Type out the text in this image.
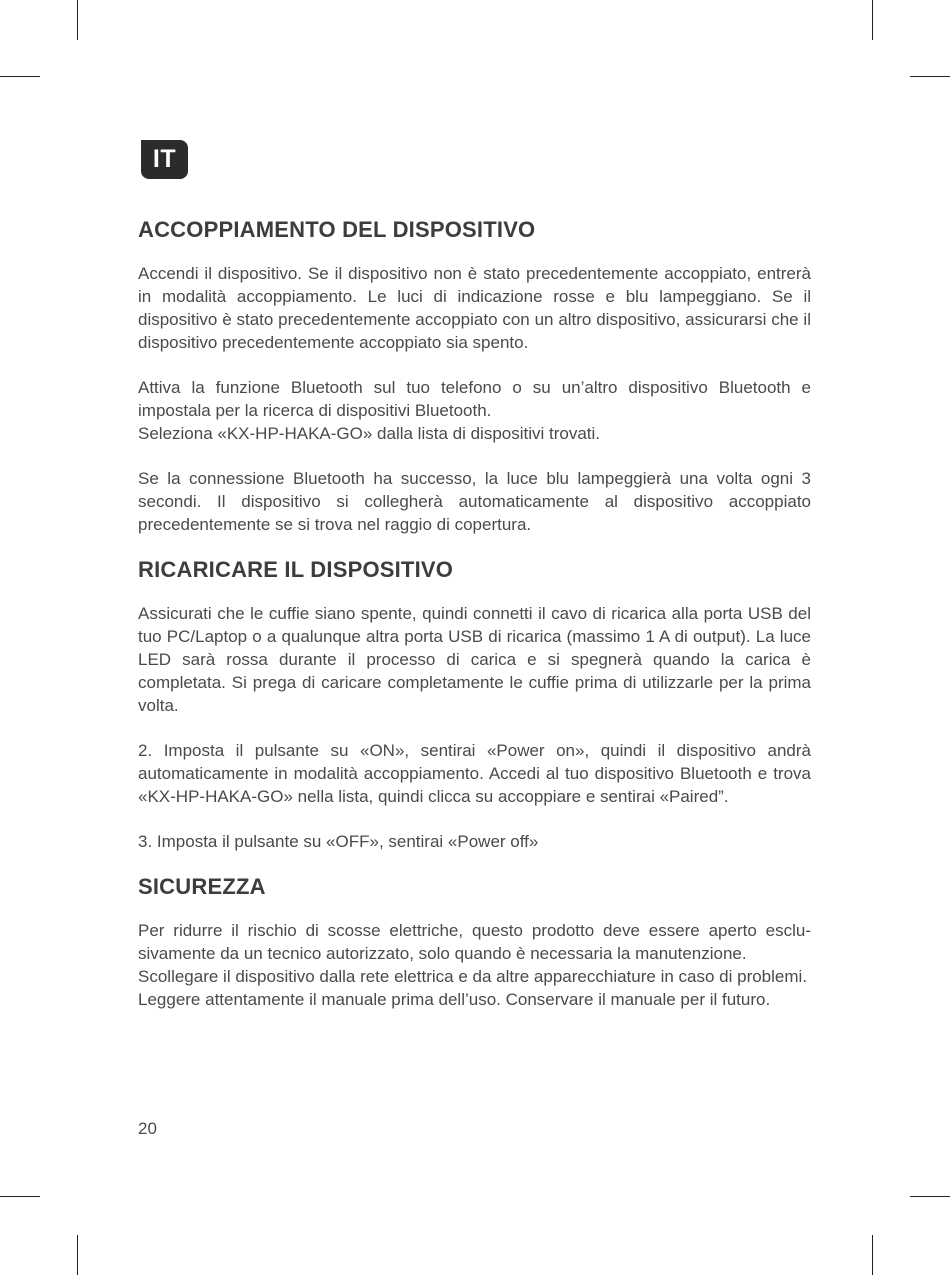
IT
ACCOPPIAMENTO DEL DISPOSITIVO

Accendi il dispositivo. Se il dispositivo non è stato precedentemente accoppiato, entrerà in modalità accoppiamento. Le luci di indicazione rosse e blu lampeggiano. Se il dispositivo è stato precedentemente accoppiato con un altro dispositivo, assicurarsi che il dispositivo precedentemente accoppiato sia spento.

Attiva la funzione Bluetooth sul tuo telefono o su un’altro dispositivo Bluetooth e impostala per la ricerca di dispositivi Bluetooth.

Seleziona «KX-HP-HAKA-GO» dalla lista di dispositivi trovati.

Se la connessione Bluetooth ha successo, la luce blu lampeggierà una volta ogni 3 secondi. Il dispositivo si collegherà automaticamente al dispositivo accoppiato precedentemente se si trova nel raggio di copertura.

RICARICARE IL DISPOSITIVO

Assicurati che le cuffie siano spente, quindi connetti il cavo di ricarica alla porta USB del tuo PC/Laptop o a qualunque altra porta USB di ricarica (massimo 1 A di output). La luce LED sarà rossa durante il processo di carica e si spegnerà quando la carica è completata. Si prega di caricare completamente le cuffie prima di utilizzarle per la prima volta.

2. Imposta il pulsante su «ON», sentirai «Power on», quindi il dispositivo andrà automaticamente in modalità accoppiamento. Accedi al tuo dispositivo Bluetooth e trova «KX-HP-HAKA-GO» nella lista, quindi clicca su accoppiare e sentirai «Paired”.

3. Imposta il pulsante su «OFF», sentirai «Power off»

SICUREZZA

Per ridurre il rischio di scosse elettriche, questo prodotto deve essere aperto esclusivamente da un tecnico autorizzato, solo quando è necessaria la manutenzione.

Scollegare il dispositivo dalla rete elettrica e da altre apparecchiature in caso di problemi.

Leggere attentamente il manuale prima dell’uso. Conservare il manuale per il futuro.

20
